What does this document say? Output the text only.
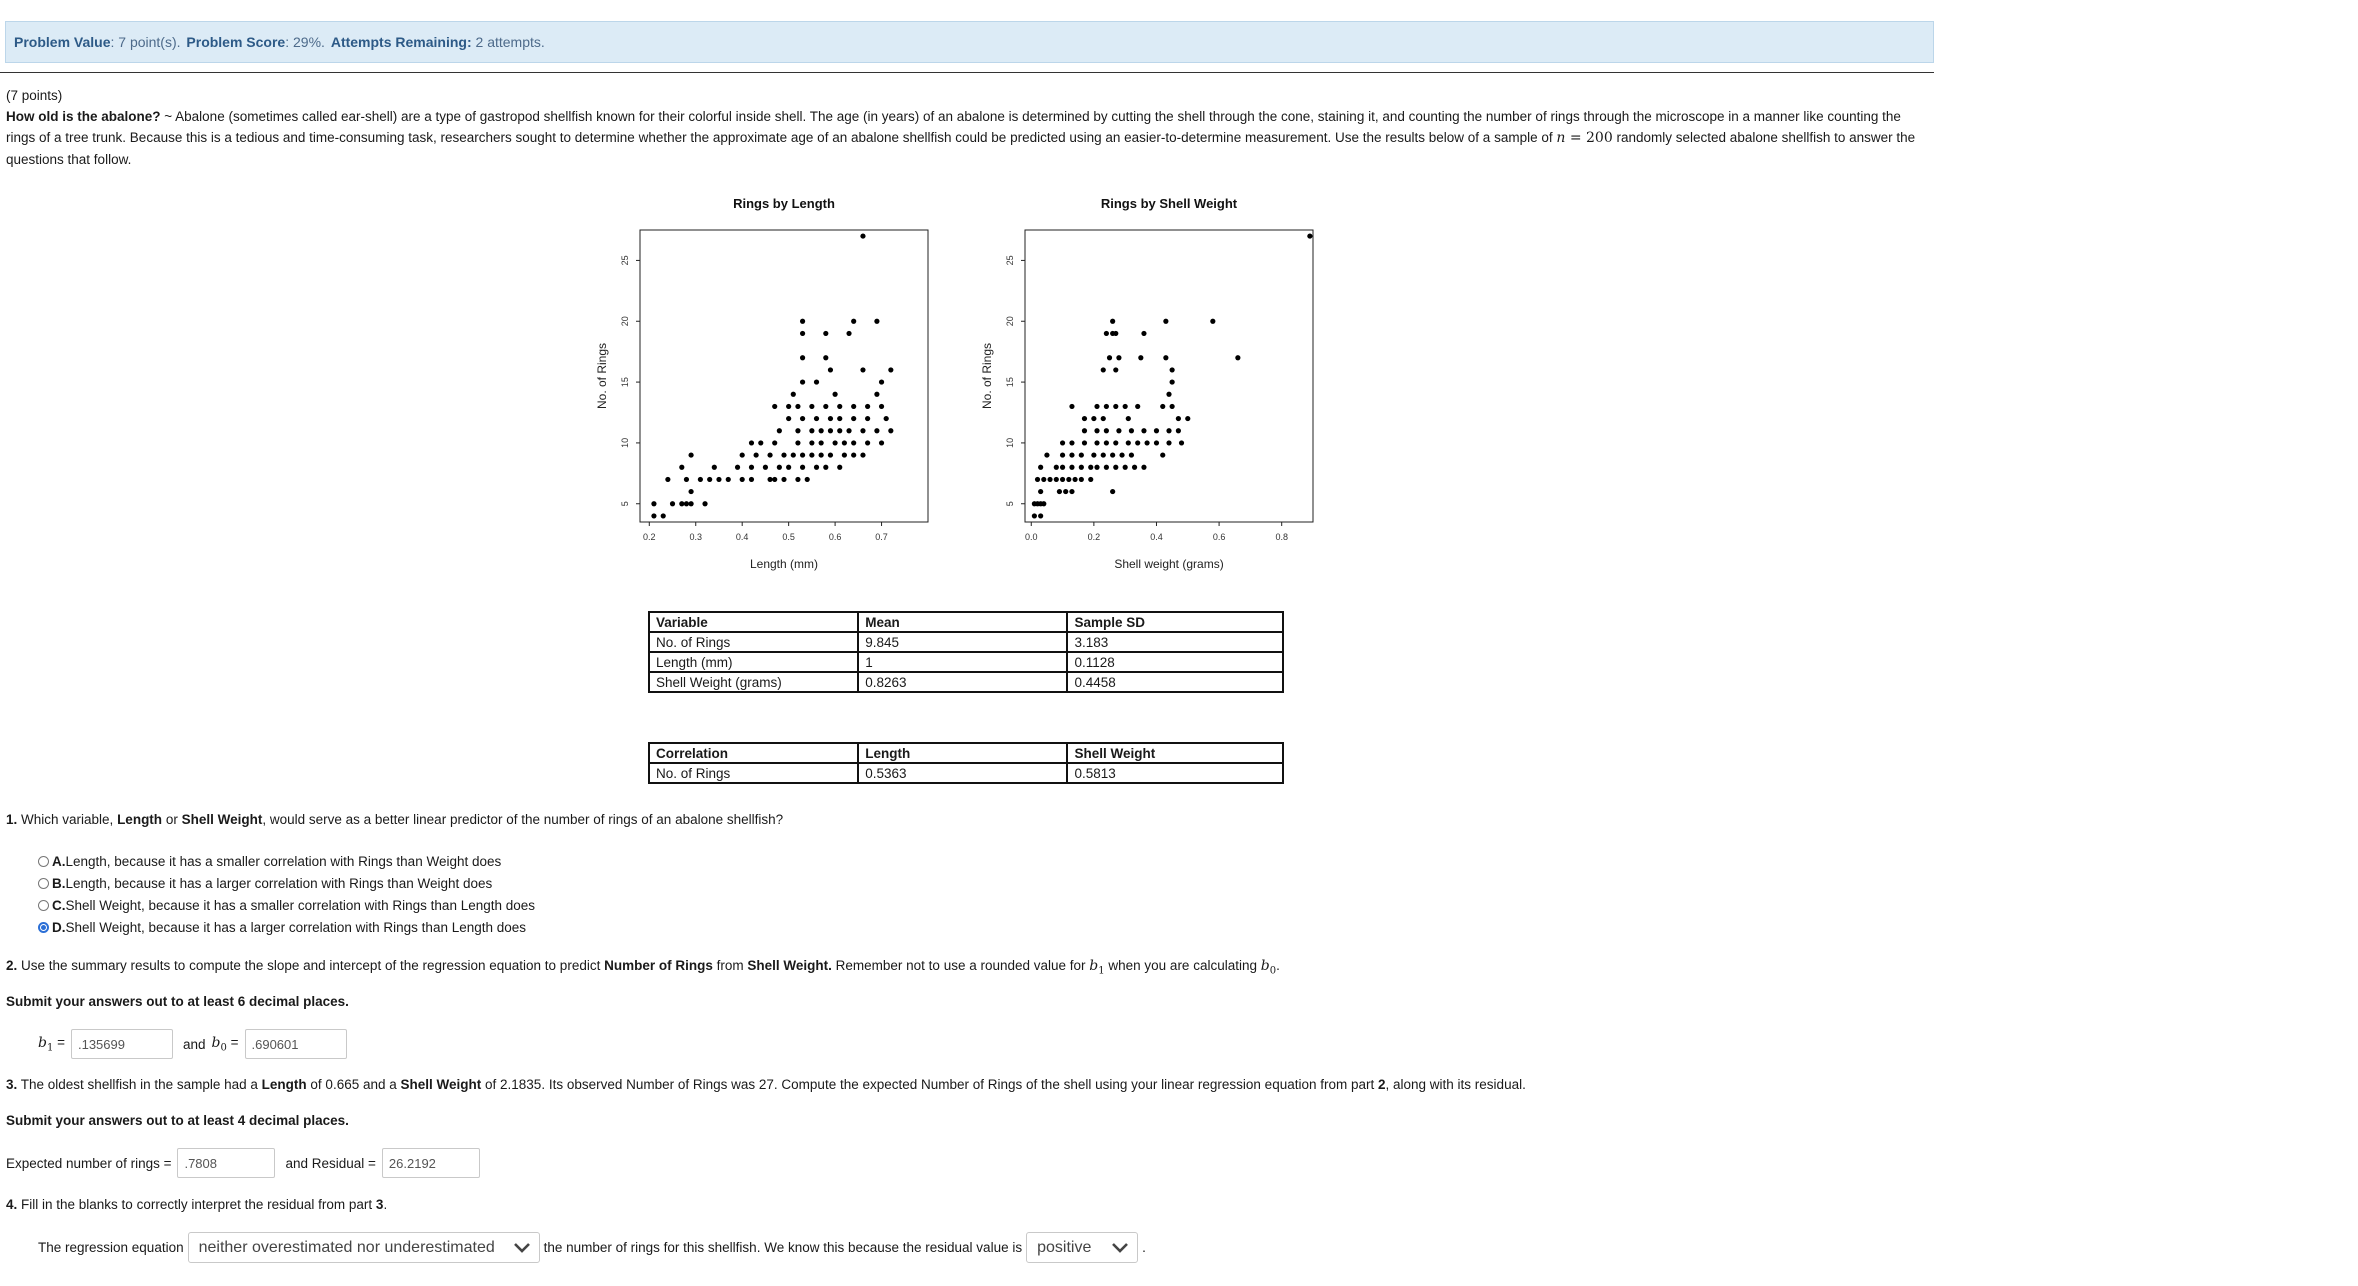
Problem Value : 7 point(s).
Problem Score : 29%.
Attempts Remaining:
2 attempts.
(7 points)
How old is the abalone? ~ Abalone (sometimes called ear-shell) are a type of gastropod shellfish known for their colorful inside shell. The age (in years) of an abalone is determined by cutting the shell through the cone, staining it, and counting the number of rings through the microscope in a manner like counting the rings of a tree trunk. Because this is a tedious and time-consuming task, researchers sought to determine whether the approximate age of an abalone shellfish could be predicted using an easier-to-determine measurement. Use the results below of a sample of n = 200 randomly selected abalone shellfish to answer the questions that follow.
Rings by Length
0.2	0.3	0.4	0.5	0.6	0.7
5
10
15
20
25
Length (mm)
No. of Rings
Rings by Shell Weight
0.0	0.2	0.4	0.6	0.8
5
10
15
20
25
Shell weight (grams)
No. of Rings
Variable	Mean	Sample SD
No. of Rings	9.845	3.183
Length (mm)	1	0.1128
Shell Weight (grams)	0.8263	0.4458
Correlation	Length	Shell Weight
No. of Rings	0.5363	0.5813
1. Which variable, Length or Shell Weight, would serve as a better linear predictor of the number of rings of an abalone shellfish?
A. Length, because it has a smaller correlation with Rings than Weight does
B. Length, because it has a larger correlation with Rings than Weight does
C. Shell Weight, because it has a smaller correlation with Rings than Length does
D. Shell Weight, because it has a larger correlation with Rings than Length does
2. Use the summary results to compute the slope and intercept of the regression equation to predict Number of Rings from Shell Weight. Remember not to use a rounded value for $b_1$ when you are calculating $b_0$.
Submit your answers out to at least 6 decimal places.
$b_1$ =	.135699	and $b_0$ =	.690601
3. The oldest shellfish in the sample had a Length of 0.665 and a Shell Weight of 2.1835. Its observed Number of Rings was 27. Compute the expected Number of Rings of the shell using your linear regression equation from part 2, along with its residual.
Submit your answers out to at least 4 decimal places.
Expected number of rings =	.7808	and Residual =	26.2192
4. Fill in the blanks to correctly interpret the residual from part 3.
The regression equation neither overestimated nor underestimated	the number of rings for this shellfish. We know this because the residual value is positive	.
